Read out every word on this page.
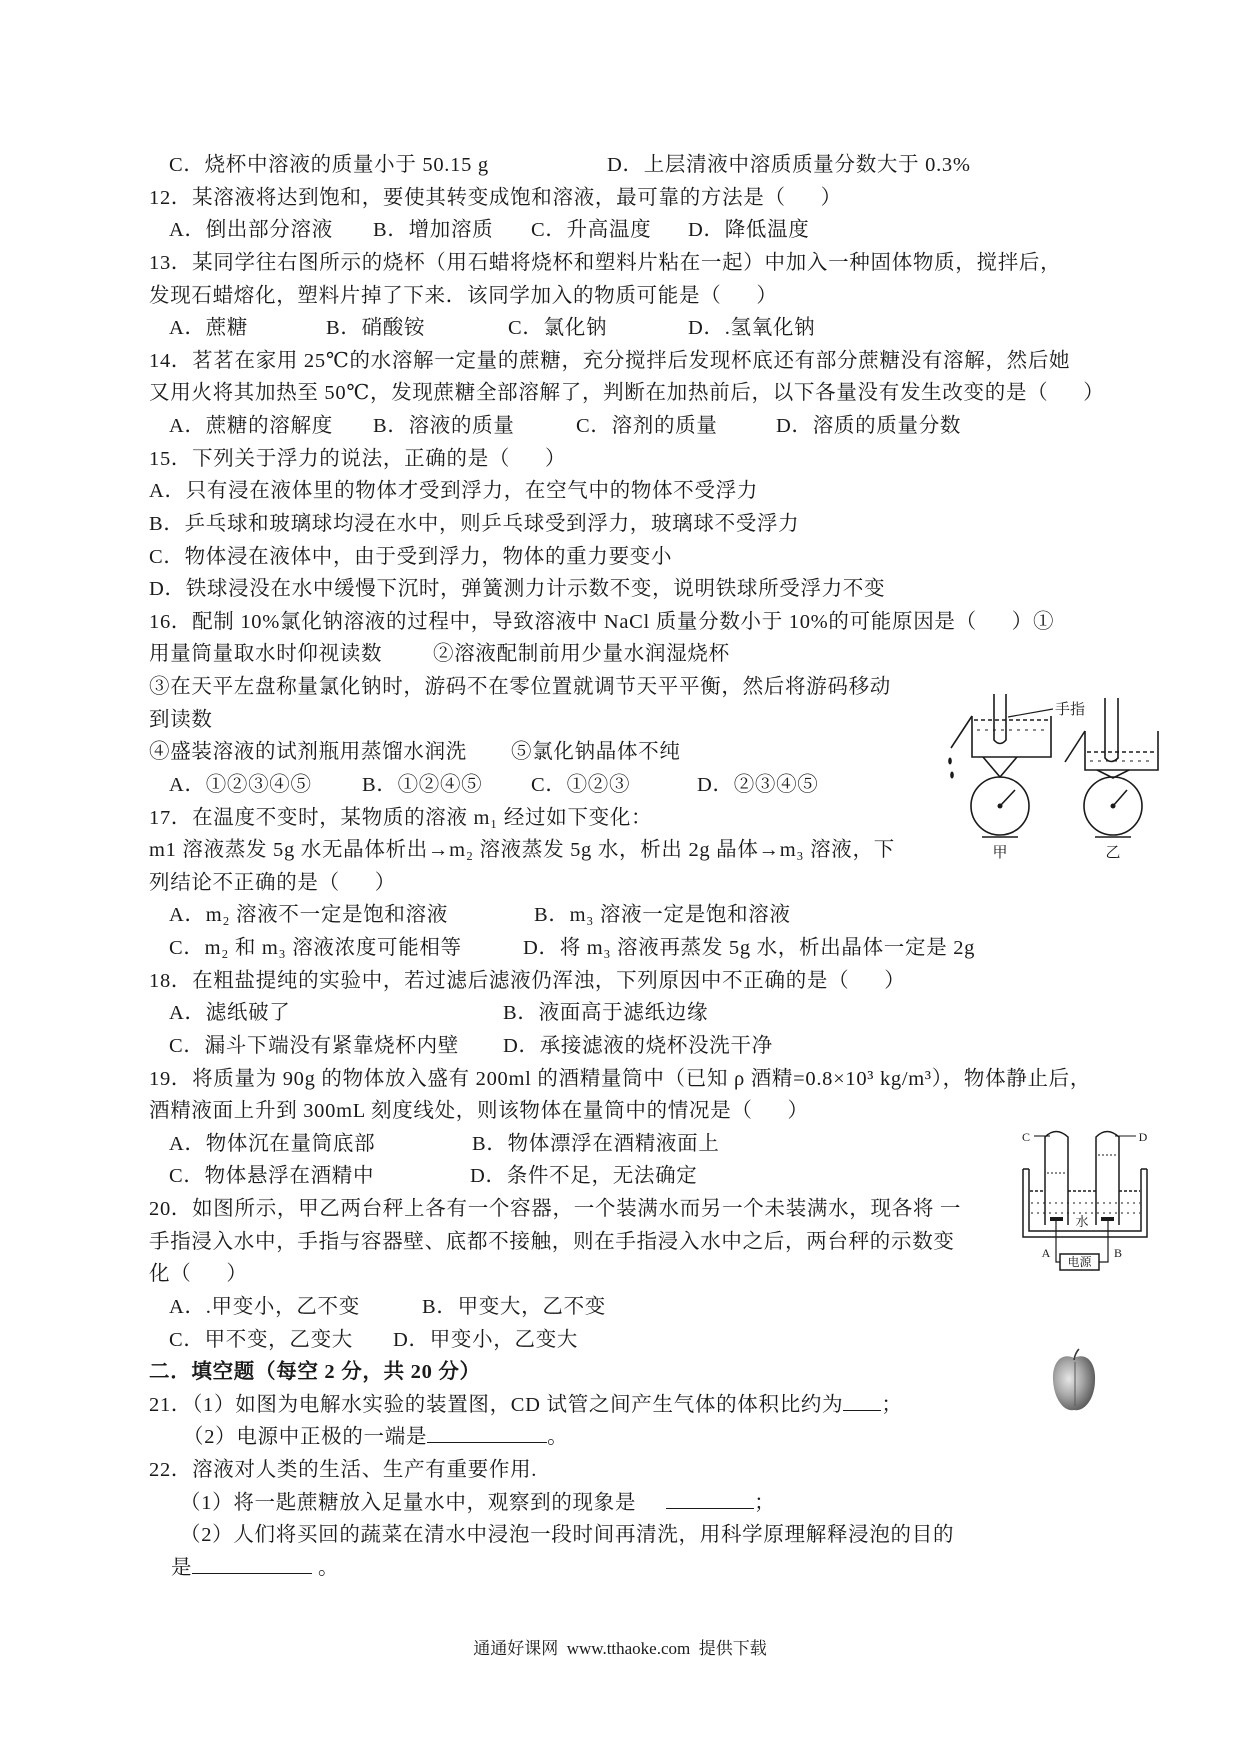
C．烧杯中溶液的质量小于 50.15 g

	D．上层清液中溶质质量分数大于 0.3%

12．某溶液将达到饱和，要使其转变成饱和溶液，最可靠的方法是（      ）

A．倒出部分溶液

B．增加溶质

C．升高温度

D．降低温度

13．某同学往右图所示的烧杯（用石蜡将烧杯和塑料片粘在一起）中加入一种固体物质，搅拌后，

发现石蜡熔化，塑料片掉了下来．该同学加入的物质可能是（      ）

A．蔗糖

	B．硝酸铵

	C．氯化钠

	D．.氢氧化钠

14．茗茗在家用 25℃的水溶解一定量的蔗糖，充分搅拌后发现杯底还有部分蔗糖没有溶解，然后她

又用火将其加热至 50℃，发现蔗糖全部溶解了，判断在加热前后，以下各量没有发生改变的是（      ）

A．蔗糖的溶解度

B．溶液的质量

	C．溶剂的质量

	D．溶质的质量分数

15．下列关于浮力的说法，正确的是（      ）

A．只有浸在液体里的物体才受到浮力，在空气中的物体不受浮力

B．乒乓球和玻璃球均浸在水中，则乒乓球受到浮力，玻璃球不受浮力

C．物体浸在液体中，由于受到浮力，物体的重力要变小

D．铁球浸没在水中缓慢下沉时，弹簧测力计示数不变，说明铁球所受浮力不变

16．配制 10%氯化钠溶液的过程中，导致溶液中 NaCl 质量分数小于 10%的可能原因是（      ）①

用量筒量取水时仰视读数

②溶液配制前用少量水润湿烧杯

③在天平左盘称量氯化钠时，游码不在零位置就调节天平平衡，然后将游码移动

到读数

④盛装溶液的试剂瓶用蒸馏水润洗

⑤氯化钠晶体不纯

A．①②③④⑤

B．①②④⑤

C．①②③

	D．②③④⑤

17．在温度不变时，某物质的溶液 m₁ 经过如下变化：

m1 溶液蒸发 5g 水无晶体析出→m₂ 溶液蒸发 5g 水，析出 2g 晶体→m₃ 溶液，下

列结论不正确的是（      ）

A．m₂ 溶液不一定是饱和溶液

	B．m₃ 溶液一定是饱和溶液

C．m₂ 和 m₃ 溶液浓度可能相等

	D．将 m₃ 溶液再蒸发 5g 水，析出晶体一定是 2g

18．在粗盐提纯的实验中，若过滤后滤液仍浑浊，下列原因中不正确的是（      ）

A．滤纸破了

	B．液面高于滤纸边缘

C．漏斗下端没有紧靠烧杯内壁

D．承接滤液的烧杯没洗干净

19．将质量为 90g 的物体放入盛有 200ml 的酒精量筒中（已知 ρ 酒精=0.8×10³ kg/m³），物体静止后，

酒精液面上升到 300mL 刻度线处，则该物体在量筒中的情况是（      ）

A．物体沉在量筒底部

	B．物体漂浮在酒精液面上

C．物体悬浮在酒精中

	D．条件不足，无法确定

20．如图所示，甲乙两台秤上各有一个容器，一个装满水而另一个未装满水，现各将 一

手指浸入水中，手指与容器壁、底都不接触，则在手指浸入水中之后，两台秤的示数变

化（      ）

A．.甲变小，乙不变

	B．甲变大，乙不变

C．甲不变，乙变大

D．甲变小，乙变大

二．填空题（每空 2 分，共 20 分）

21．（1）如图为电解水实验的装置图，CD 试管之间产生气体的体积比约为 ；

（2）电源中正极的一端是	。

22．溶液对人类的生活、生产有重要作用.

（1）将一匙蔗糖放入足量水中，观察到的现象是	；

（2）人们将买回的蔬菜在清水中浸泡一段时间再清洗，用科学原理解释浸泡的目的

是	。

手指
甲	乙
C	D
水
A	B
电源
通通好课网  www.tthaoke.com  提供下载
